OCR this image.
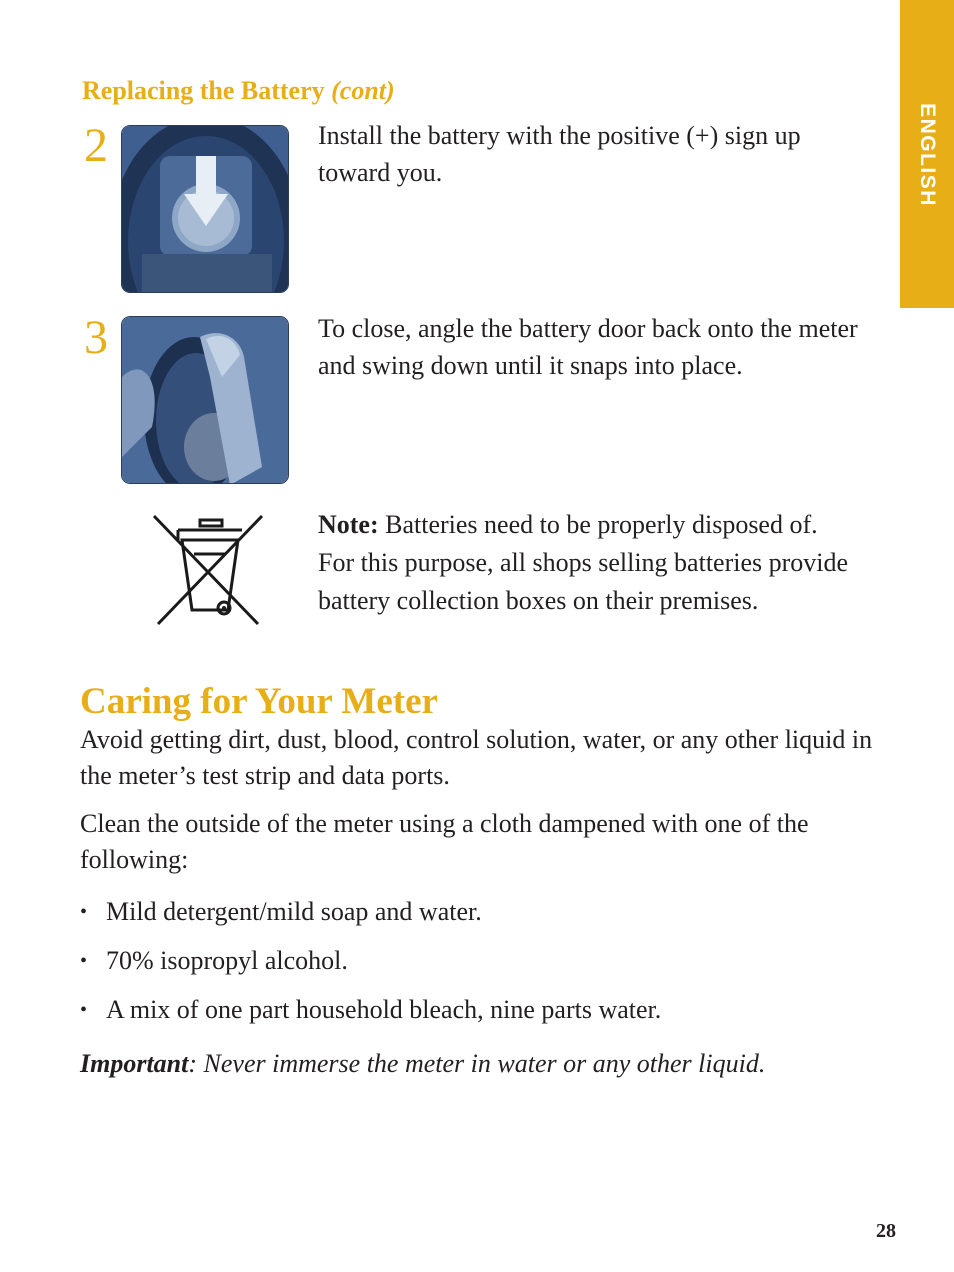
ENGLISH
Replacing the Battery (cont)
2	Install the battery with the positive (+) sign up toward you.
3	To close, angle the battery door back onto the meter and swing down until it snaps into place.
Note: Batteries need to be properly disposed of.
For this purpose, all shops selling batteries provide battery collection boxes on their premises.
Caring for Your Meter
Avoid getting dirt, dust, blood, control solution, water, or any other liquid in the meter’s test strip and data ports.
Clean the outside of the meter using a cloth dampened with one of the following:
• Mild detergent/mild soap and water.
• 70% isopropyl alcohol.
• A mix of one part household bleach, nine parts water.
Important: Never immerse the meter in water or any other liquid.
28
